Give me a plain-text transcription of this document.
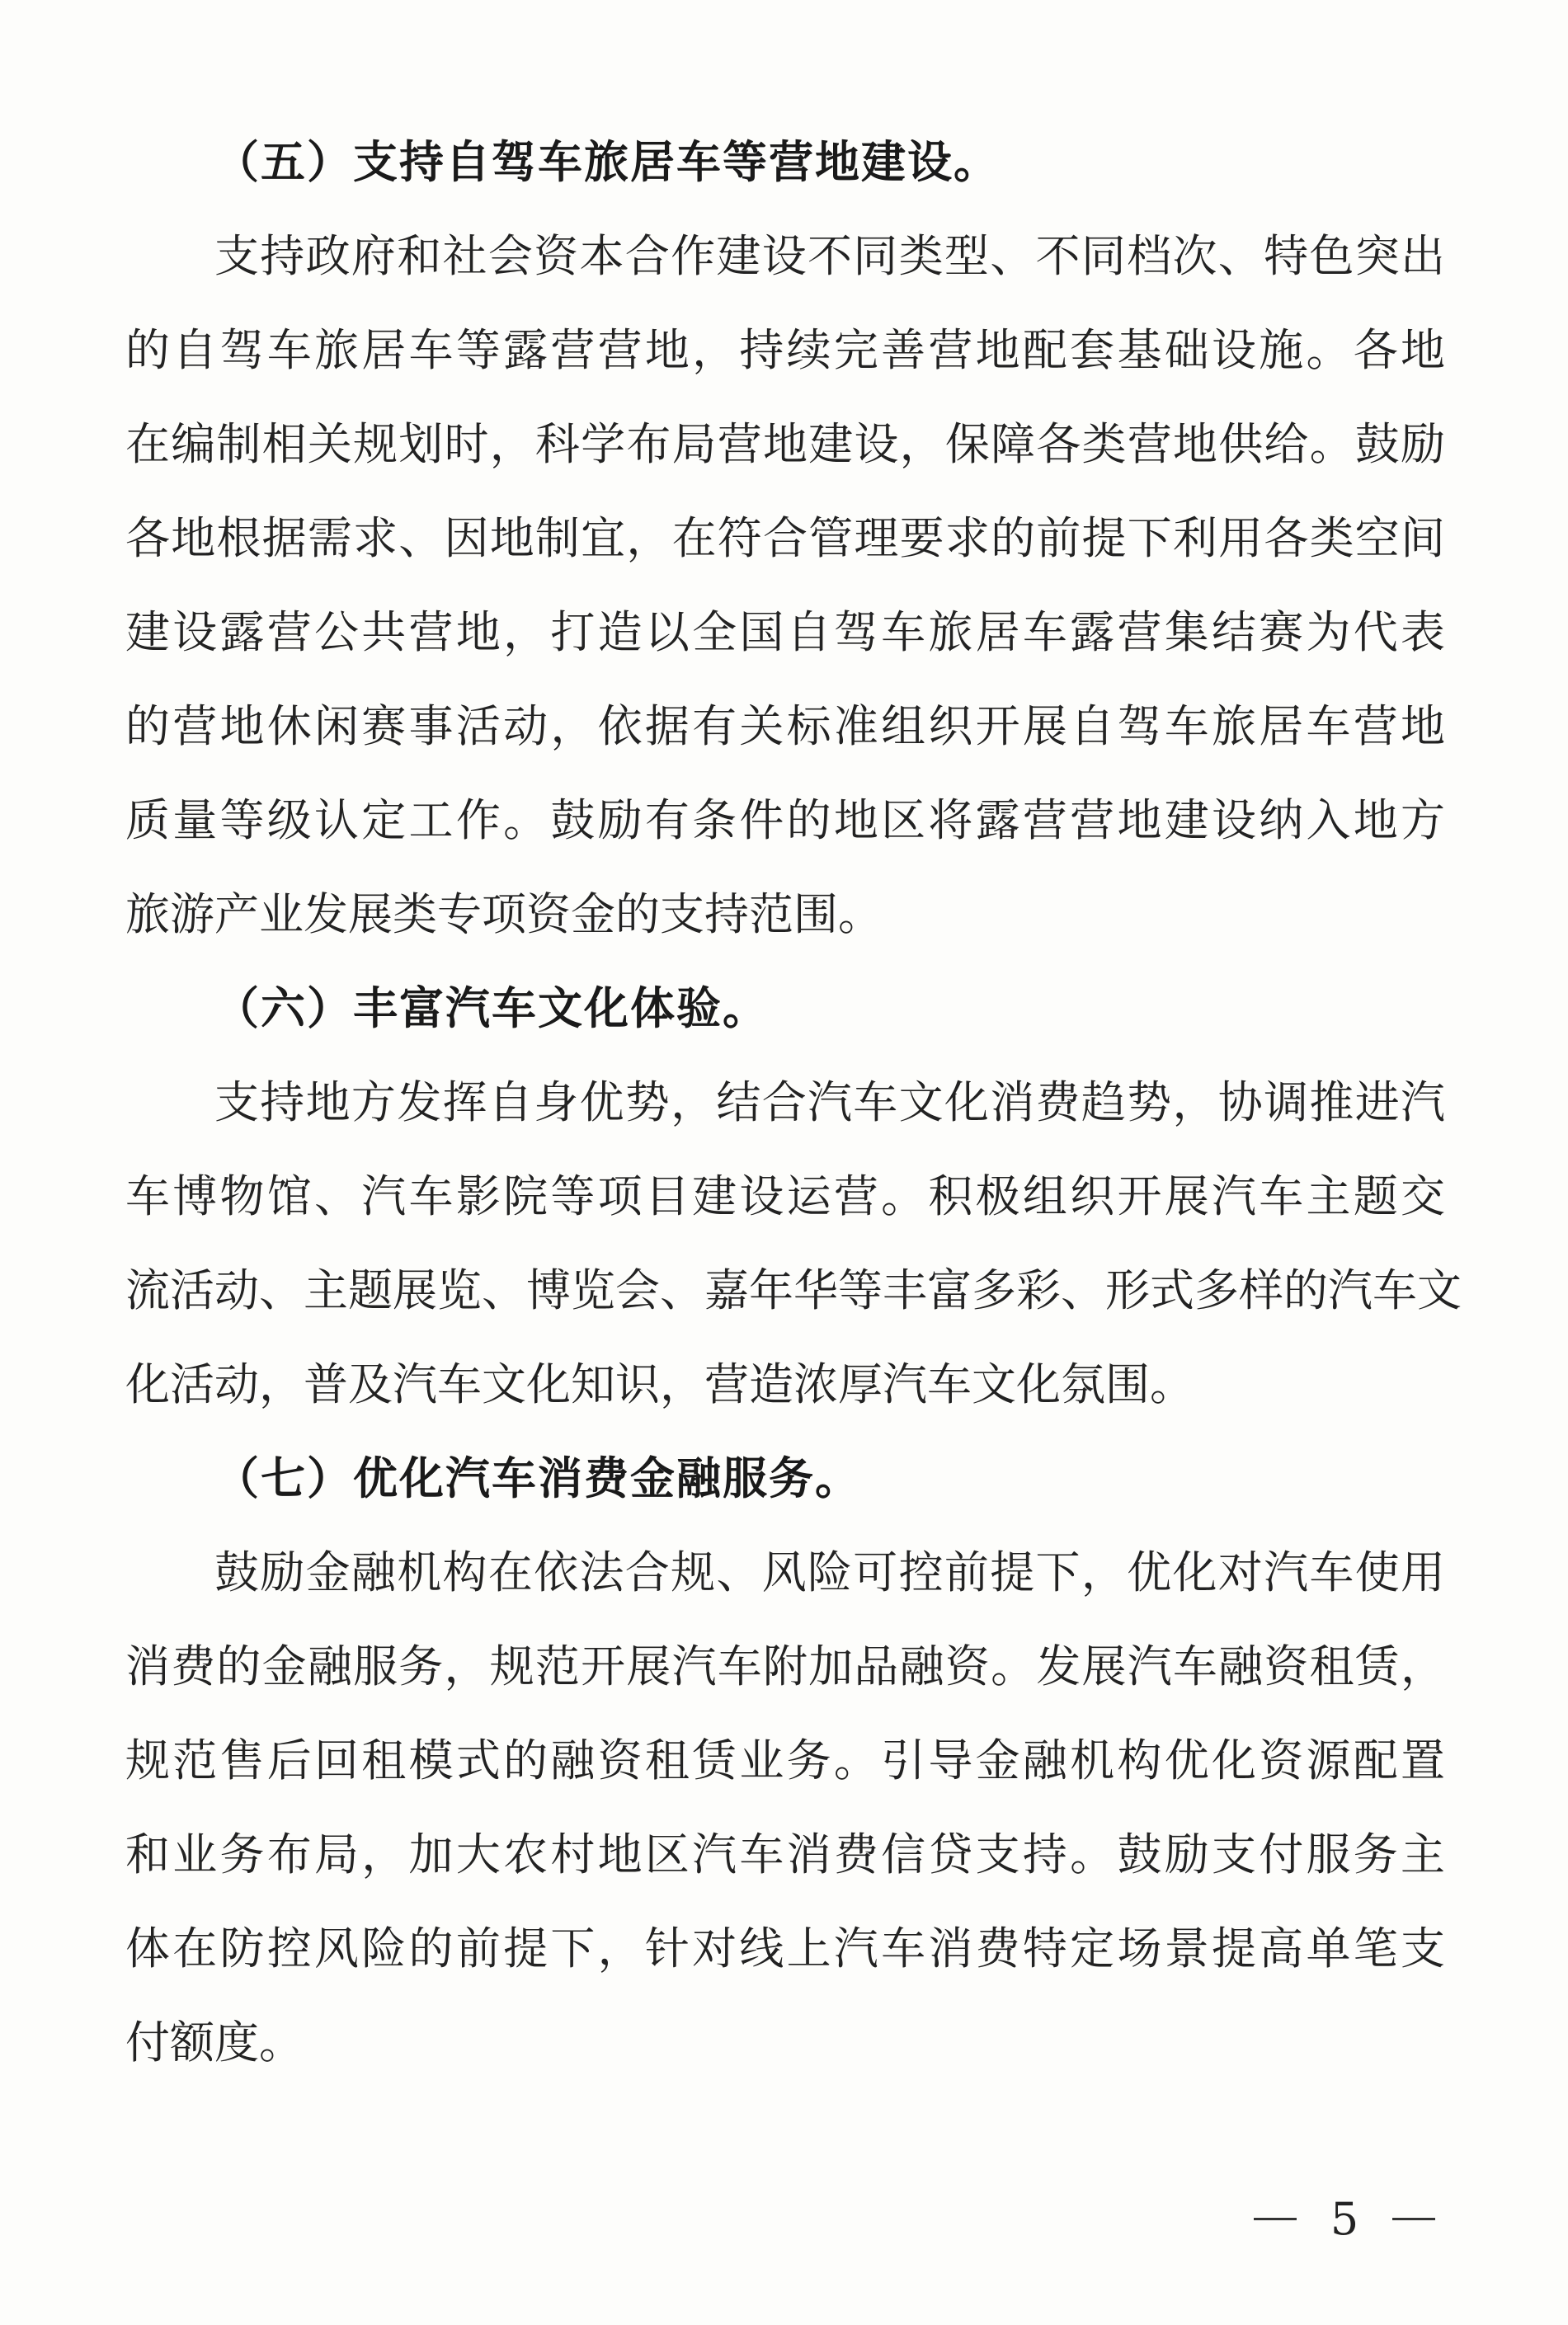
（五）支持自驾车旅居车等营地建设。
支持政府和社会资本合作建设不同类型、不同档次、特色突出
的自驾车旅居车等露营营地，持续完善营地配套基础设施。各地
在编制相关规划时，科学布局营地建设，保障各类营地供给。鼓励
各地根据需求、因地制宜，在符合管理要求的前提下利用各类空间
建设露营公共营地，打造以全国自驾车旅居车露营集结赛为代表
的营地休闲赛事活动，依据有关标准组织开展自驾车旅居车营地
质量等级认定工作。鼓励有条件的地区将露营营地建设纳入地方
旅游产业发展类专项资金的支持范围。
（六）丰富汽车文化体验。
支持地方发挥自身优势，结合汽车文化消费趋势，协调推进汽
车博物馆、汽车影院等项目建设运营。积极组织开展汽车主题交
流活动、主题展览、博览会、嘉年华等丰富多彩、形式多样的汽车文
化活动，普及汽车文化知识，营造浓厚汽车文化氛围。
（七）优化汽车消费金融服务。
鼓励金融机构在依法合规、风险可控前提下，优化对汽车使用
消费的金融服务，规范开展汽车附加品融资。发展汽车融资租赁，
规范售后回租模式的融资租赁业务。引导金融机构优化资源配置
和业务布局，加大农村地区汽车消费信贷支持。鼓励支付服务主
体在防控风险的前提下，针对线上汽车消费特定场景提高单笔支
付额度。
5
